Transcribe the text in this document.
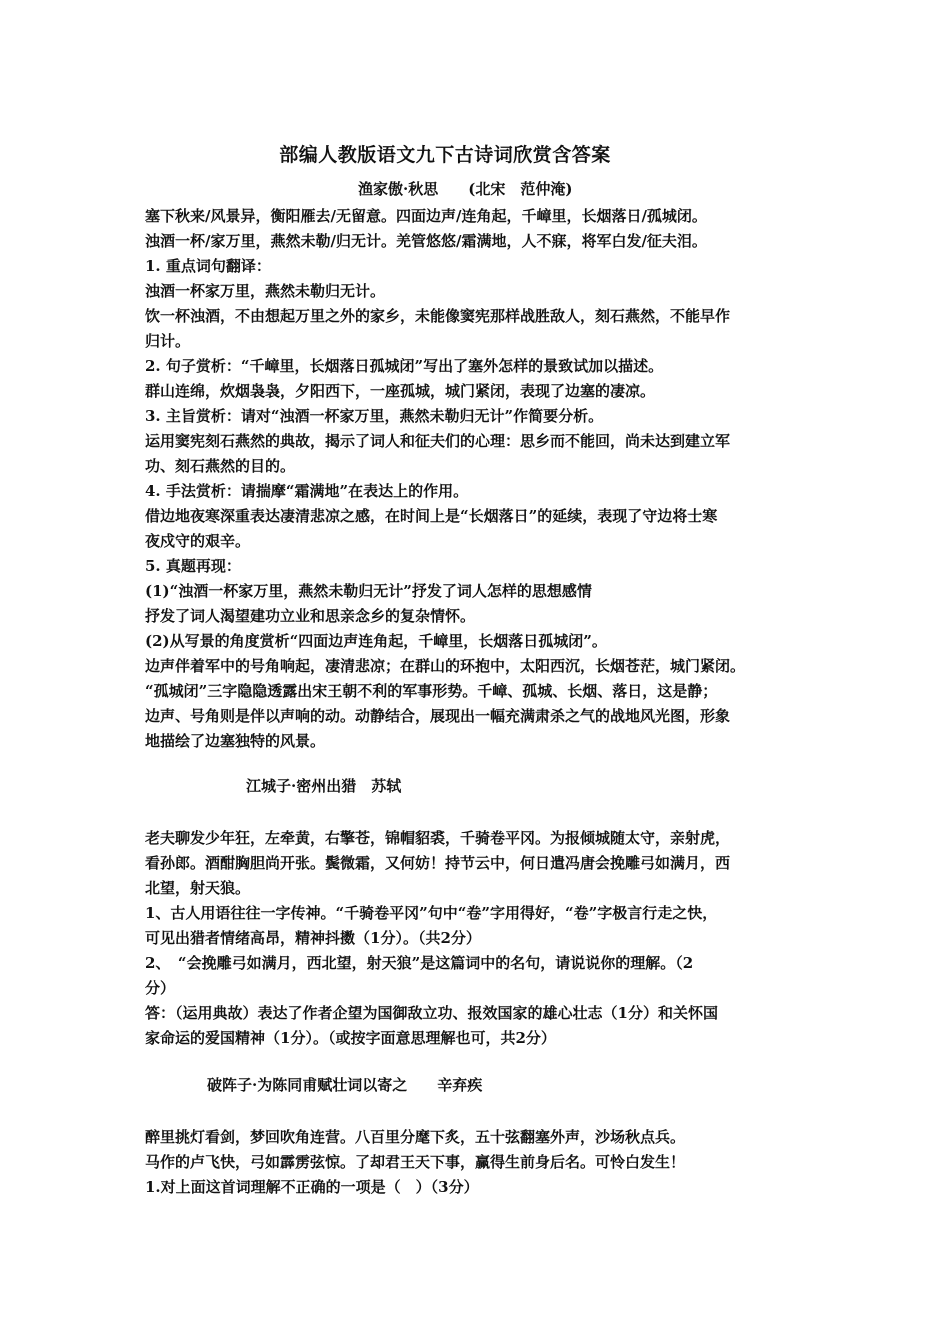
部编人教版语文九下古诗词欣赏含答案
渔家傲·秋思　　(北宋　范仲淹)
塞下秋来/风景异，衡阳雁去/无留意。四面边声/连角起，千嶂里，长烟落日/孤城闭。
浊酒一杯/家万里，燕然未勒/归无计。羌管悠悠/霜满地，人不寐，将军白发/征夫泪。
1. 重点词句翻译：
浊酒一杯家万里，燕然未勒归无计。
饮一杯浊酒，不由想起万里之外的家乡，未能像窦宪那样战胜敌人，刻石燕然，不能早作
归计。
2. 句子赏析：“千嶂里，长烟落日孤城闭”写出了塞外怎样的景致试加以描述。
群山连绵，炊烟袅袅，夕阳西下，一座孤城，城门紧闭，表现了边塞的凄凉。
3. 主旨赏析：请对“浊酒一杯家万里，燕然未勒归无计”作简要分析。
运用窦宪刻石燕然的典故，揭示了词人和征夫们的心理：思乡而不能回，尚未达到建立军
功、刻石燕然的目的。
4. 手法赏析：请揣摩“霜满地”在表达上的作用。
借边地夜寒深重表达凄清悲凉之感，在时间上是“长烟落日”的延续，表现了守边将士寒
夜戍守的艰辛。
5. 真题再现：
(1)“浊酒一杯家万里，燕然未勒归无计”抒发了词人怎样的思想感情
抒发了词人渴望建功立业和思亲念乡的复杂情怀。
(2)从写景的角度赏析“四面边声连角起，千嶂里，长烟落日孤城闭”。
边声伴着军中的号角响起，凄清悲凉；在群山的环抱中，太阳西沉，长烟苍茫，城门紧闭。
“孤城闭”三字隐隐透露出宋王朝不利的军事形势。千嶂、孤城、长烟、落日，这是静；
边声、号角则是伴以声响的动。动静结合，展现出一幅充满肃杀之气的战地风光图，形象
地描绘了边塞独特的风景。
江城子·密州出猎　苏轼
老夫聊发少年狂，左牵黄，右擎苍，锦帽貂裘，千骑卷平冈。为报倾城随太守，亲射虎，
看孙郎。酒酣胸胆尚开张。鬓微霜，又何妨！持节云中，何日遣冯唐会挽雕弓如满月，西
北望，射天狼。
1、古人用语往往一字传神。“千骑卷平冈”句中“卷”字用得好，“卷”字极言行走之快，
可见出猎者情绪高昂，精神抖擞（1分）。（共2分）
2、　“会挽雕弓如满月，西北望，射天狼”是这篇词中的名句，请说说你的理解。（2
分）
答：（运用典故）表达了作者企望为国御敌立功、报效国家的雄心壮志（1分）和关怀国
家命运的爱国精神（1分）。（或按字面意思理解也可，共2分）
破阵子·为陈同甫赋壮词以寄之　　辛弃疾
醉里挑灯看剑，梦回吹角连营。八百里分麾下炙，五十弦翻塞外声，沙场秋点兵。
马作的卢飞快，弓如霹雳弦惊。了却君王天下事，赢得生前身后名。可怜白发生！
1.对上面这首词理解不正确的一项是（　）（3分）
